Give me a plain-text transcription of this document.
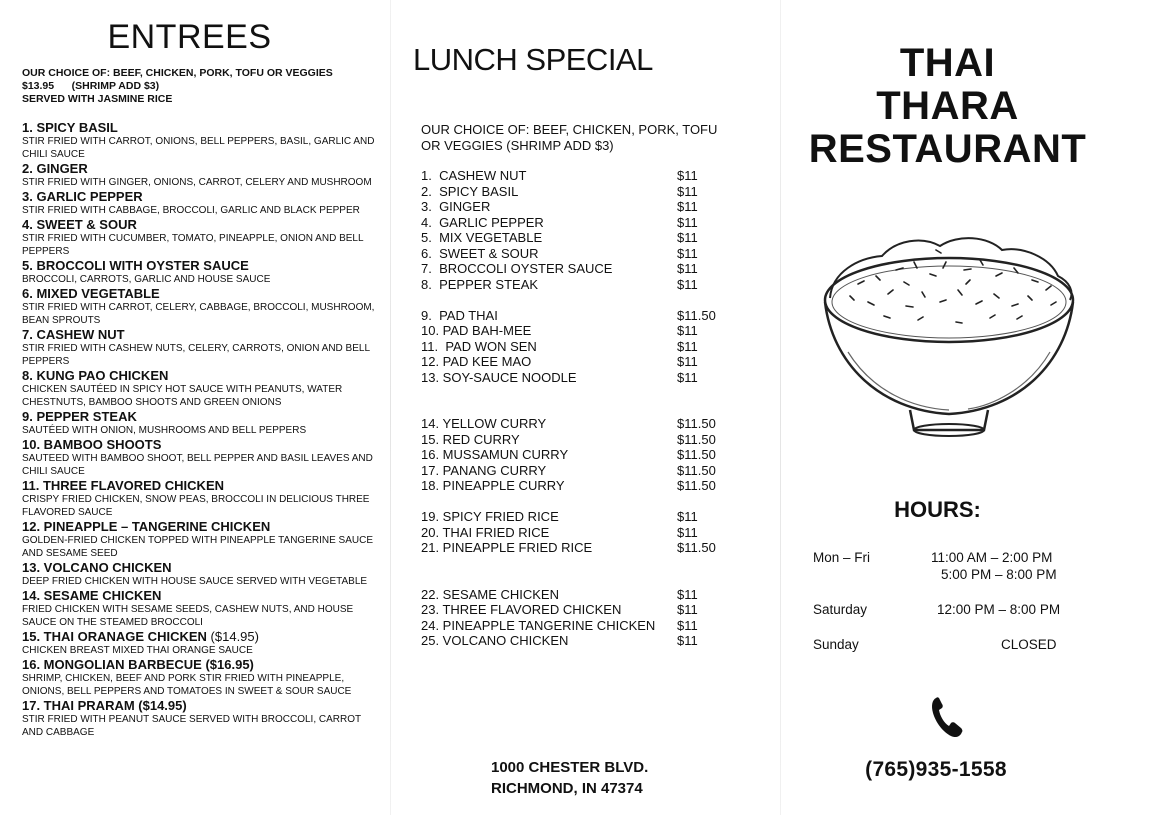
ENTREES
OUR CHOICE OF: BEEF, CHICKEN, PORK, TOFU OR VEGGIES
$13.95      (SHRIMP ADD $3)
SERVED WITH JASMINE RICE
1. SPICY BASIL
STIR FRIED WITH CARROT, ONIONS, BELL PEPPERS, BASIL, GARLIC AND CHILI SAUCE
2. GINGER
STIR FRIED WITH GINGER, ONIONS, CARROT, CELERY AND MUSHROOM
3. GARLIC PEPPER
STIR FRIED WITH CABBAGE, BROCCOLI, GARLIC AND BLACK PEPPER
4. SWEET & SOUR
STIR FRIED WITH CUCUMBER, TOMATO, PINEAPPLE, ONION AND BELL PEPPERS
5. BROCCOLI WITH OYSTER SAUCE
BROCCOLI, CARROTS, GARLIC AND HOUSE SAUCE
6. MIXED VEGETABLE
STIR FRIED WITH CARROT, CELERY, CABBAGE, BROCCOLI, MUSHROOM, BEAN SPROUTS
7. CASHEW NUT
STIR FRIED WITH CASHEW NUTS, CELERY, CARROTS, ONION AND BELL PEPPERS
8. KUNG PAO CHICKEN
CHICKEN SAUTÉED IN SPICY HOT SAUCE WITH PEANUTS, WATER CHESTNUTS, BAMBOO SHOOTS AND GREEN ONIONS
9. PEPPER STEAK
SAUTÉED WITH ONION, MUSHROOMS AND BELL PEPPERS
10. BAMBOO SHOOTS
SAUTEED WITH BAMBOO SHOOT, BELL PEPPER AND BASIL LEAVES AND CHILI SAUCE
11. THREE FLAVORED CHICKEN
CRISPY FRIED CHICKEN, SNOW PEAS, BROCCOLI IN DELICIOUS THREE FLAVORED SAUCE
12. PINEAPPLE – TANGERINE CHICKEN
GOLDEN-FRIED CHICKEN TOPPED WITH PINEAPPLE TANGERINE SAUCE AND SESAME SEED
13. VOLCANO CHICKEN
DEEP FRIED CHICKEN WITH HOUSE SAUCE SERVED WITH VEGETABLE
14. SESAME CHICKEN
FRIED CHICKEN WITH SESAME SEEDS, CASHEW NUTS, AND HOUSE SAUCE ON THE STEAMED BROCCOLI
15. THAI ORANAGE CHICKEN ($14.95)
CHICKEN BREAST MIXED THAI ORANGE SAUCE
16. MONGOLIAN BARBECUE ($16.95)
SHRIMP, CHICKEN, BEEF AND PORK STIR FRIED WITH PINEAPPLE, ONIONS, BELL PEPPERS AND TOMATOES IN SWEET & SOUR SAUCE
17. THAI PRARAM ($14.95)
STIR FRIED WITH PEANUT SAUCE SERVED WITH BROCCOLI, CARROT AND CABBAGE
LUNCH SPECIAL
OUR CHOICE OF: BEEF, CHICKEN, PORK, TOFU OR VEGGIES (SHRIMP ADD $3)
1.  CASHEW NUT	$11
2.  SPICY BASIL	$11
3.  GINGER	$11
4.  GARLIC PEPPER	$11
5.  MIX VEGETABLE	$11
6.  SWEET & SOUR	$11
7.  BROCCOLI OYSTER SAUCE	$11
8.  PEPPER STEAK	$11
9.  PAD THAI	$11.50
10. PAD BAH-MEE	$11
11.  PAD WON SEN	$11
12. PAD KEE MAO	$11
13. SOY-SAUCE NOODLE	$11
14. YELLOW CURRY	$11.50
15. RED CURRY	$11.50
16. MUSSAMUN CURRY	$11.50
17. PANANG CURRY	$11.50
18. PINEAPPLE CURRY	$11.50
19. SPICY FRIED RICE	$11
20. THAI FRIED RICE	$11
21. PINEAPPLE FRIED RICE	$11.50
22. SESAME CHICKEN	$11
23. THREE FLAVORED CHICKEN	$11
24. PINEAPPLE TANGERINE CHICKEN $11
25. VOLCANO CHICKEN	$11
1000 CHESTER BLVD.
RICHMOND, IN 47374
THAI
THARA
RESTAURANT
HOURS:
Mon – Fri	11:00 AM – 2:00 PM
5:00 PM – 8:00 PM
Saturday	12:00 PM – 8:00 PM
Sunday	CLOSED
(765)935-1558
